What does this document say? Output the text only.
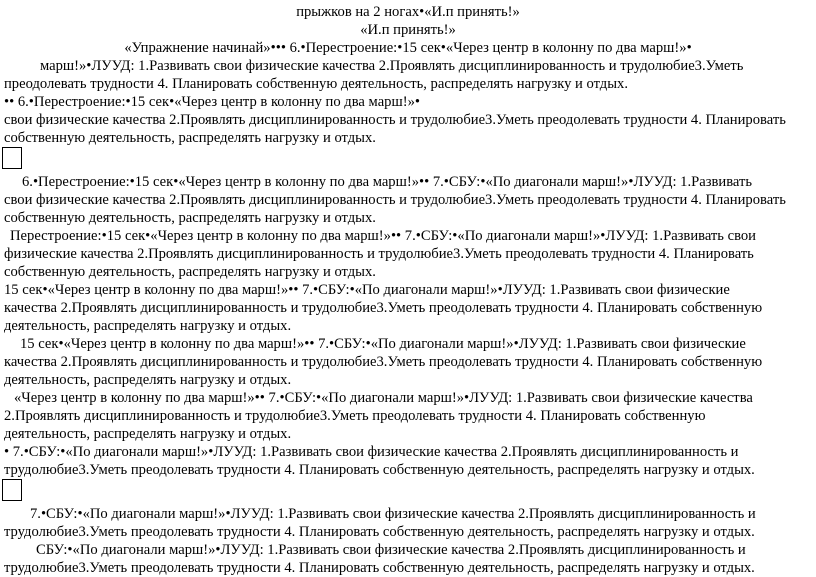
прыжков на 2 ногах•«И.п принять!»
«И.п принять!»
«Упражнение начинай»••• 6.•Перестроение:•15 сек•«Через центр в колонну по два марш!»•
марш!»•ЛУУД: 1.Развивать свои физические качества 2.Проявлять дисциплинированность и трудолюбие3.Уметь
преодолевать трудности 4. Планировать собственную деятельность, распределять нагрузку и отдых.
•• 6.•Перестроение:•15 сек•«Через центр в колонну по два марш!»•
свои физические качества 2.Проявлять дисциплинированность и трудолюбие3.Уметь преодолевать трудности 4. Планировать
собственную деятельность, распределять нагрузку и отдых.
6.•Перестроение:•15 сек•«Через центр в колонну по два марш!»•• 7.•СБУ:•«По диагонали марш!»•ЛУУД: 1.Развивать
свои физические качества 2.Проявлять дисциплинированность и трудолюбие3.Уметь преодолевать трудности 4. Планировать
собственную деятельность, распределять нагрузку и отдых.
Перестроение:•15 сек•«Через центр в колонну по два марш!»•• 7.•СБУ:•«По диагонали марш!»•ЛУУД: 1.Развивать свои
физические качества 2.Проявлять дисциплинированность и трудолюбие3.Уметь преодолевать трудности 4. Планировать
собственную деятельность, распределять нагрузку и отдых.
15 сек•«Через центр в колонну по два марш!»•• 7.•СБУ:•«По диагонали марш!»•ЛУУД: 1.Развивать свои физические
качества 2.Проявлять дисциплинированность и трудолюбие3.Уметь преодолевать трудности 4. Планировать собственную
деятельность, распределять нагрузку и отдых.
15 сек•«Через центр в колонну по два марш!»•• 7.•СБУ:•«По диагонали марш!»•ЛУУД: 1.Развивать свои физические
качества 2.Проявлять дисциплинированность и трудолюбие3.Уметь преодолевать трудности 4. Планировать собственную
деятельность, распределять нагрузку и отдых.
«Через центр в колонну по два марш!»•• 7.•СБУ:•«По диагонали марш!»•ЛУУД: 1.Развивать свои физические качества
2.Проявлять дисциплинированность и трудолюбие3.Уметь преодолевать трудности 4. Планировать собственную
деятельность, распределять нагрузку и отдых.
• 7.•СБУ:•«По диагонали марш!»•ЛУУД: 1.Развивать свои физические качества 2.Проявлять дисциплинированность и
трудолюбие3.Уметь преодолевать трудности 4. Планировать собственную деятельность, распределять нагрузку и отдых.
7.•СБУ:•«По диагонали марш!»•ЛУУД: 1.Развивать свои физические качества 2.Проявлять дисциплинированность и
трудолюбие3.Уметь преодолевать трудности 4. Планировать собственную деятельность, распределять нагрузку и отдых.
СБУ:•«По диагонали марш!»•ЛУУД: 1.Развивать свои физические качества 2.Проявлять дисциплинированность и
трудолюбие3.Уметь преодолевать трудности 4. Планировать собственную деятельность, распределять нагрузку и отдых.
